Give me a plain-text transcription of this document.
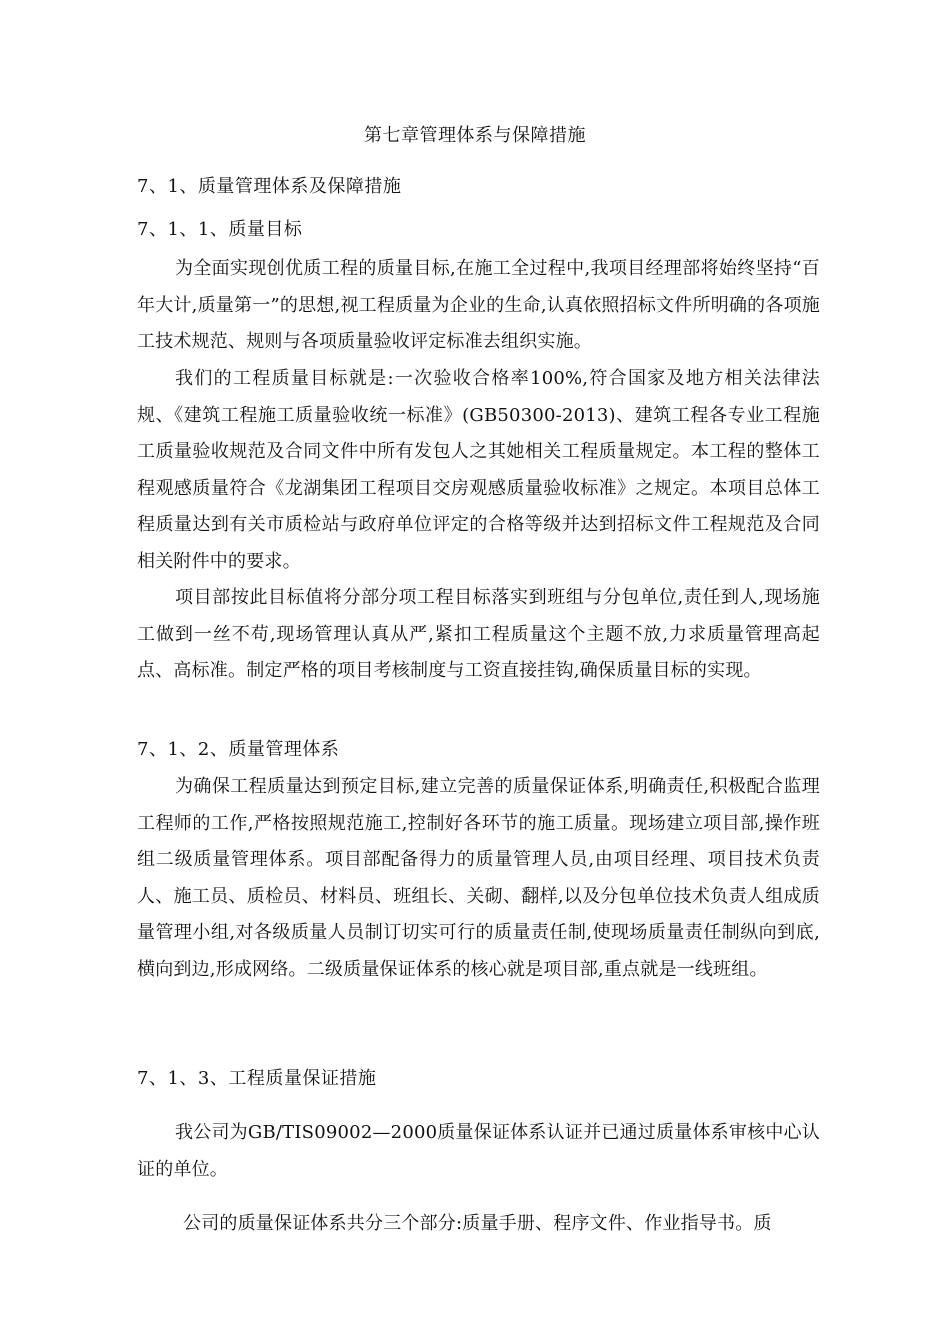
第七章管理体系与保障措施
7、1、质量管理体系及保障措施
7、1、1、质量目标

为全面实现创优质工程的质量目标,在施工全过程中,我项目经理部将始终坚持“百年大计,质量第一”的思想,视工程质量为企业的生命,认真依照招标文件所明确的各项施工技术规范、规则与各项质量验收评定标准去组织实施。

我们的工程质量目标就是:一次验收合格率100%,符合国家及地方相关法律法规、《建筑工程施工质量验收统一标准》(GB50300-2013)、建筑工程各专业工程施工质量验收规范及合同文件中所有发包人之其她相关工程质量规定。本工程的整体工程观感质量符合《龙湖集团工程项目交房观感质量验收标准》之规定。本项目总体工程质量达到有关市质检站与政府单位评定的合格等级并达到招标文件工程规范及合同相关附件中的要求。

项目部按此目标值将分部分项工程目标落实到班组与分包单位,责任到人,现场施工做到一丝不苟,现场管理认真从严,紧扣工程质量这个主题不放,力求质量管理高起点、高标准。制定严格的项目考核制度与工资直接挂钩,确保质量目标的实现。

7、1、2、质量管理体系

为确保工程质量达到预定目标,建立完善的质量保证体系,明确责任,积极配合监理工程师的工作,严格按照规范施工,控制好各环节的施工质量。现场建立项目部,操作班组二级质量管理体系。项目部配备得力的质量管理人员,由项目经理、项目技术负责人、施工员、质检员、材料员、班组长、关砌、翻样,以及分包单位技术负责人组成质量管理小组,对各级质量人员制订切实可行的质量责任制,使现场质量责任制纵向到底,横向到边,形成网络。二级质量保证体系的核心就是项目部,重点就是一线班组。

7、1、3、工程质量保证措施

我公司为GB/TIS09002—2000质量保证体系认证并已通过质量体系审核中心认证的单位。

公司的质量保证体系共分三个部分:质量手册、程序文件、作业指导书。质
